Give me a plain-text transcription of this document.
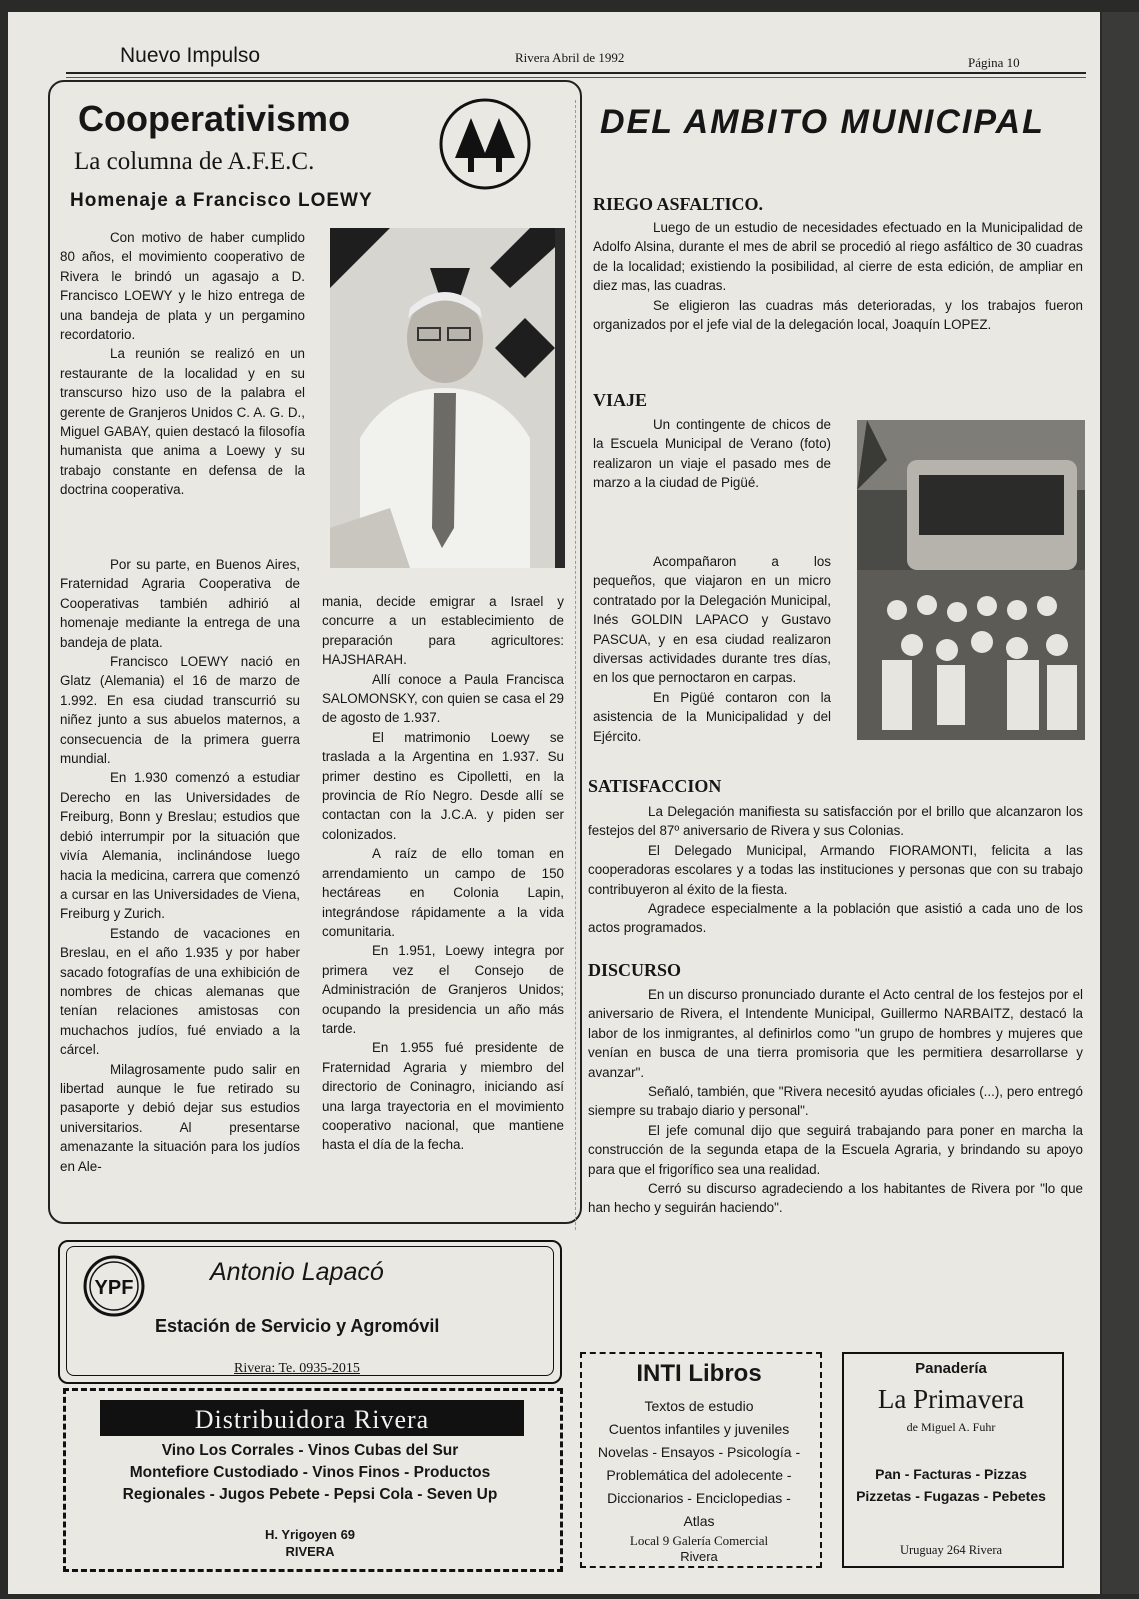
Nuevo Impulso	Rivera Abril de 1992	Página 10
Cooperativismo
La columna de A.F.E.C.
Homenaje a Francisco LOEWY

Con motivo de haber cumplido 80 años, el movimiento cooperativo de Rivera le brindó un agasajo a D. Francisco LOEWY y le hizo entrega de una bandeja de plata y un pergamino recordatorio.

La reunión se realizó en un restaurante de la localidad y en su transcurso hizo uso de la palabra el gerente de Granjeros Unidos C. A. G. D., Miguel GABAY, quien destacó la filosofía humanista que anima a Loewy y su trabajo constante en defensa de la doctrina cooperativa.

Por su parte, en Buenos Aires, Fraternidad Agraria Cooperativa de Cooperativas también adhirió al homenaje mediante la entrega de una bandeja de plata.

Francisco LOEWY nació en Glatz (Alemania) el 16 de marzo de 1.992. En esa ciudad transcurrió su niñez junto a sus abuelos maternos, a consecuencia de la primera guerra mundial.

En 1.930 comenzó a estudiar Derecho en las Universidades de Freiburg, Bonn y Breslau; estudios que debió interrumpir por la situación que vivía Alemania, inclinándose luego hacia la medicina, carrera que comenzó a cursar en las Universidades de Viena, Freiburg y Zurich.

Estando de vacaciones en Breslau, en el año 1.935 y por haber sacado fotografías de una exhibición de nombres de chicas alemanas que tenían relaciones amistosas con muchachos judíos, fué enviado a la cárcel.

Milagrosamente pudo salir en libertad aunque le fue retirado su pasaporte y debió dejar sus estudios universitarios. Al presentarse amenazante la situación para los judíos en Ale-

mania, decide emigrar a Israel y concurre a un establecimiento de preparación para agricultores: HAJSHARAH.

Allí conoce a Paula Francisca SALOMONSKY, con quien se casa el 29 de agosto de 1.937.

El matrimonio Loewy se traslada a la Argentina en 1.937. Su primer destino es Cipolletti, en la provincia de Río Negro. Desde allí se contactan con la J.C.A. y piden ser colonizados.

A raíz de ello toman en arrendamiento un campo de 150 hectáreas en Colonia Lapin, integrándose rápidamente a la vida comunitaria.

En 1.951, Loewy integra por primera vez el Consejo de Administración de Granjeros Unidos; ocupando la presidencia un año más tarde.

En 1.955 fué presidente de Fraternidad Agraria y miembro del directorio de Coninagro, iniciando así una larga trayectoria en el movimiento cooperativo nacional, que mantiene hasta el día de la fecha.

DEL AMBITO MUNICIPAL
RIEGO ASFALTICO.

Luego de un estudio de necesidades efectuado en la Municipalidad de Adolfo Alsina, durante el mes de abril se procedió al riego asfáltico de 30 cuadras de la localidad; existiendo la posibilidad, al cierre de esta edición, de ampliar en diez mas, las cuadras.

Se eligieron las cuadras más deterioradas, y los trabajos fueron organizados por el jefe vial de la delegación local, Joaquín LOPEZ.

VIAJE

Un contingente de chicos de la Escuela Municipal de Verano (foto) realizaron un viaje el pasado mes de marzo a la ciudad de Pigüé.

Acompañaron a los pequeños, que viajaron en un micro contratado por la Delegación Municipal, Inés GOLDIN LAPACO y Gustavo PASCUA, y en esa ciudad realizaron diversas actividades durante tres días, en los que pernoctaron en carpas.

En Pigüé contaron con la asistencia de la Municipalidad y del Ejército.

SATISFACCION

La Delegación manifiesta su satisfacción por el brillo que alcanzaron los festejos del 87º aniversario de Rivera y sus Colonias.

El Delegado Municipal, Armando FIORAMONTI, felicita a las cooperadoras escolares y a todas las instituciones y personas que con su trabajo contribuyeron al éxito de la fiesta.

Agradece especialmente a la población que asistió a cada uno de los actos programados.

DISCURSO

En un discurso pronunciado durante el Acto central de los festejos por el aniversario de Rivera, el Intendente Municipal, Guillermo NARBAITZ, destacó la labor de los inmigrantes, al definirlos como "un grupo de hombres y mujeres que venían en busca de una tierra promisoria que les permitiera desarrollarse y avanzar".

Señaló, también, que "Rivera necesitó ayudas oficiales (...), pero entregó siempre su trabajo diario y personal".

El jefe comunal dijo que seguirá trabajando para poner en marcha la construcción de la segunda etapa de la Escuela Agraria, y brindando su apoyo para que el frigorífico sea una realidad.

Cerró su discurso agradeciendo a los habitantes de Rivera por "lo que han hecho y seguirán haciendo".

YPF
Antonio Lapacó
Estación de Servicio y Agromóvil
Rivera: Te. 0935-2015
Distribuidora Rivera
Vino Los Corrales - Vinos Cubas del Sur
Montefiore Custodiado - Vinos Finos - Productos
Regionales - Jugos Pebete - Pepsi Cola - Seven Up
H. Yrigoyen 69
RIVERA
INTI Libros
Textos de estudio
Cuentos infantiles y juveniles
Novelas - Ensayos - Psicología -
Problemática del adolecente -
Diccionarios - Enciclopedias -
Atlas
Local 9 Galería Comercial
Rivera
Panadería
La Primavera
de Miguel A. Fuhr
Pan - Facturas - Pizzas
Pizzetas - Fugazas - Pebetes
Uruguay 264 Rivera
